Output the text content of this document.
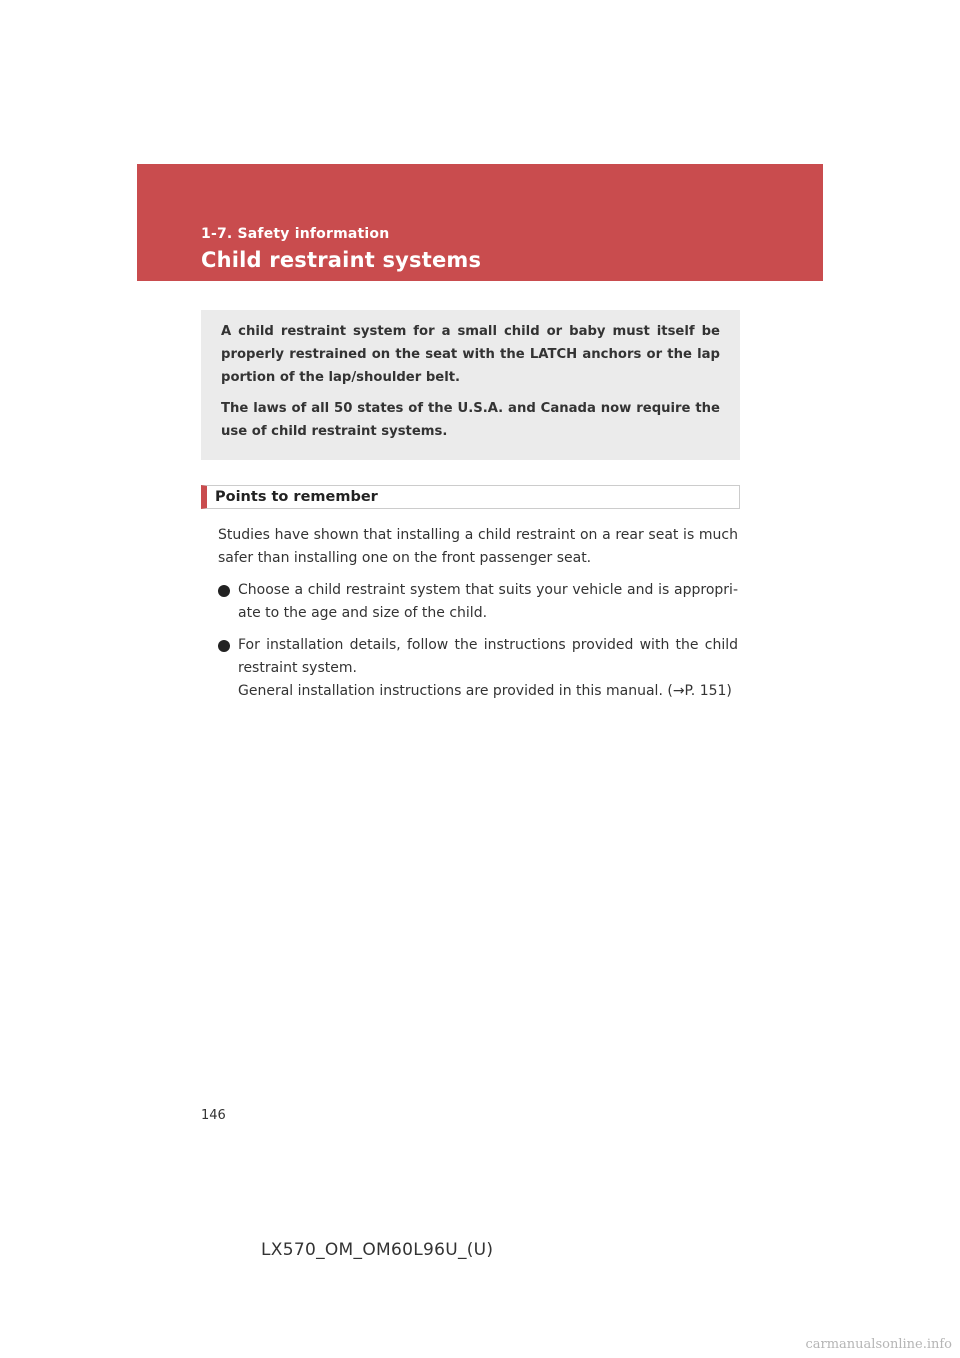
1-7. Safety information
Child restraint systems

A child restraint system for a small child or baby must itself be properly restrained on the seat with the LATCH anchors or the lap portion of the lap/shoulder belt.

The laws of all 50 states of the U.S.A. and Canada now require the use of child restraint systems.

Points to remember

Studies have shown that installing a child restraint on a rear seat is much safer than installing one on the front passenger seat.

Choose a child restraint system that suits your vehicle and is appropri-ate to the age and size of the child.
For installation details, follow the instructions provided with the child restraint system.
General installation instructions are provided in this manual. (→P. 151)
146
LX570_OM_OM60L96U_(U)
carmanualsonline.info
